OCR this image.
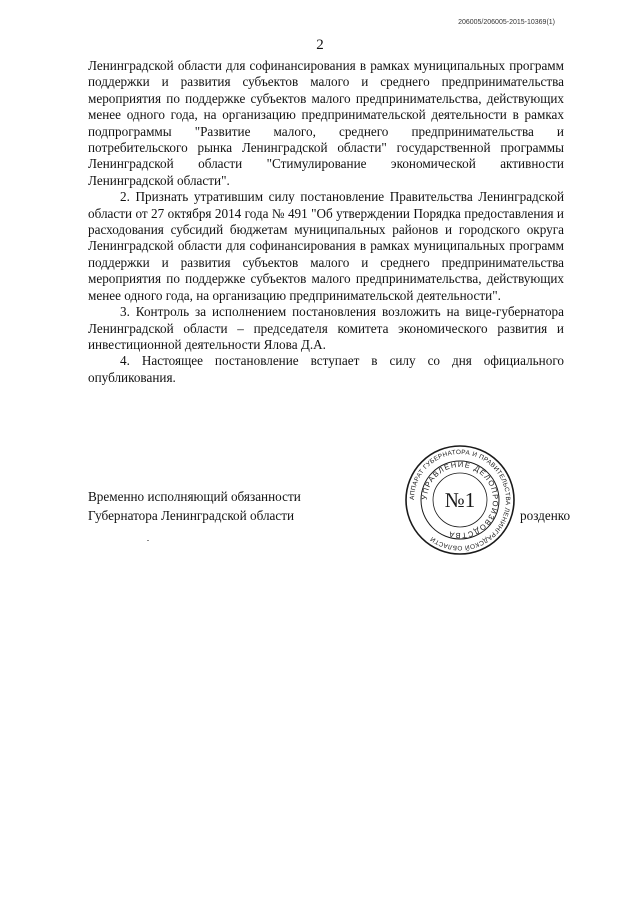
206005/206005-2015-10369(1)
2

Ленинградской области для софинансирования в рамках муниципальных программ поддержки и развития субъектов малого и среднего предпринимательства мероприятия по поддержке субъектов малого предпринимательства, действующих менее одного года, на организацию предпринимательской деятельности в рамках подпрограммы "Развитие малого, среднего предпринимательства и потребительского рынка Ленинградской области" государственной программы Ленинградской области "Стимулирование экономической активности Ленинградской области".

2. Признать утратившим силу постановление Правительства Ленинградской области от 27 октября 2014 года № 491 "Об утверждении Порядка предоставления и расходования субсидий бюджетам муниципальных районов и городского округа Ленинградской области для софинансирования в рамках муниципальных программ поддержки и развития субъектов малого и среднего предпринимательства мероприятия по поддержке субъектов малого предпринимательства, действующих менее одного года, на организацию предпринимательской деятельности".

3. Контроль за исполнением постановления возложить на вице-губернатора Ленинградской области – председателя комитета экономического развития и инвестиционной деятельности Ялова Д.А.

4. Настоящее постановление вступает в силу со дня официального опубликования.

Временно исполняющий обязанности
Губернатора Ленинградской области	розденко
АППАРАТ ГУБЕРНАТОРА И ПРАВИТЕЛЬСТВА ЛЕНИНГРАДСКОЙ ОБЛАСТИ
УПРАВЛЕНИЕ ДЕЛОПРОИЗВОДСТВА
№1
